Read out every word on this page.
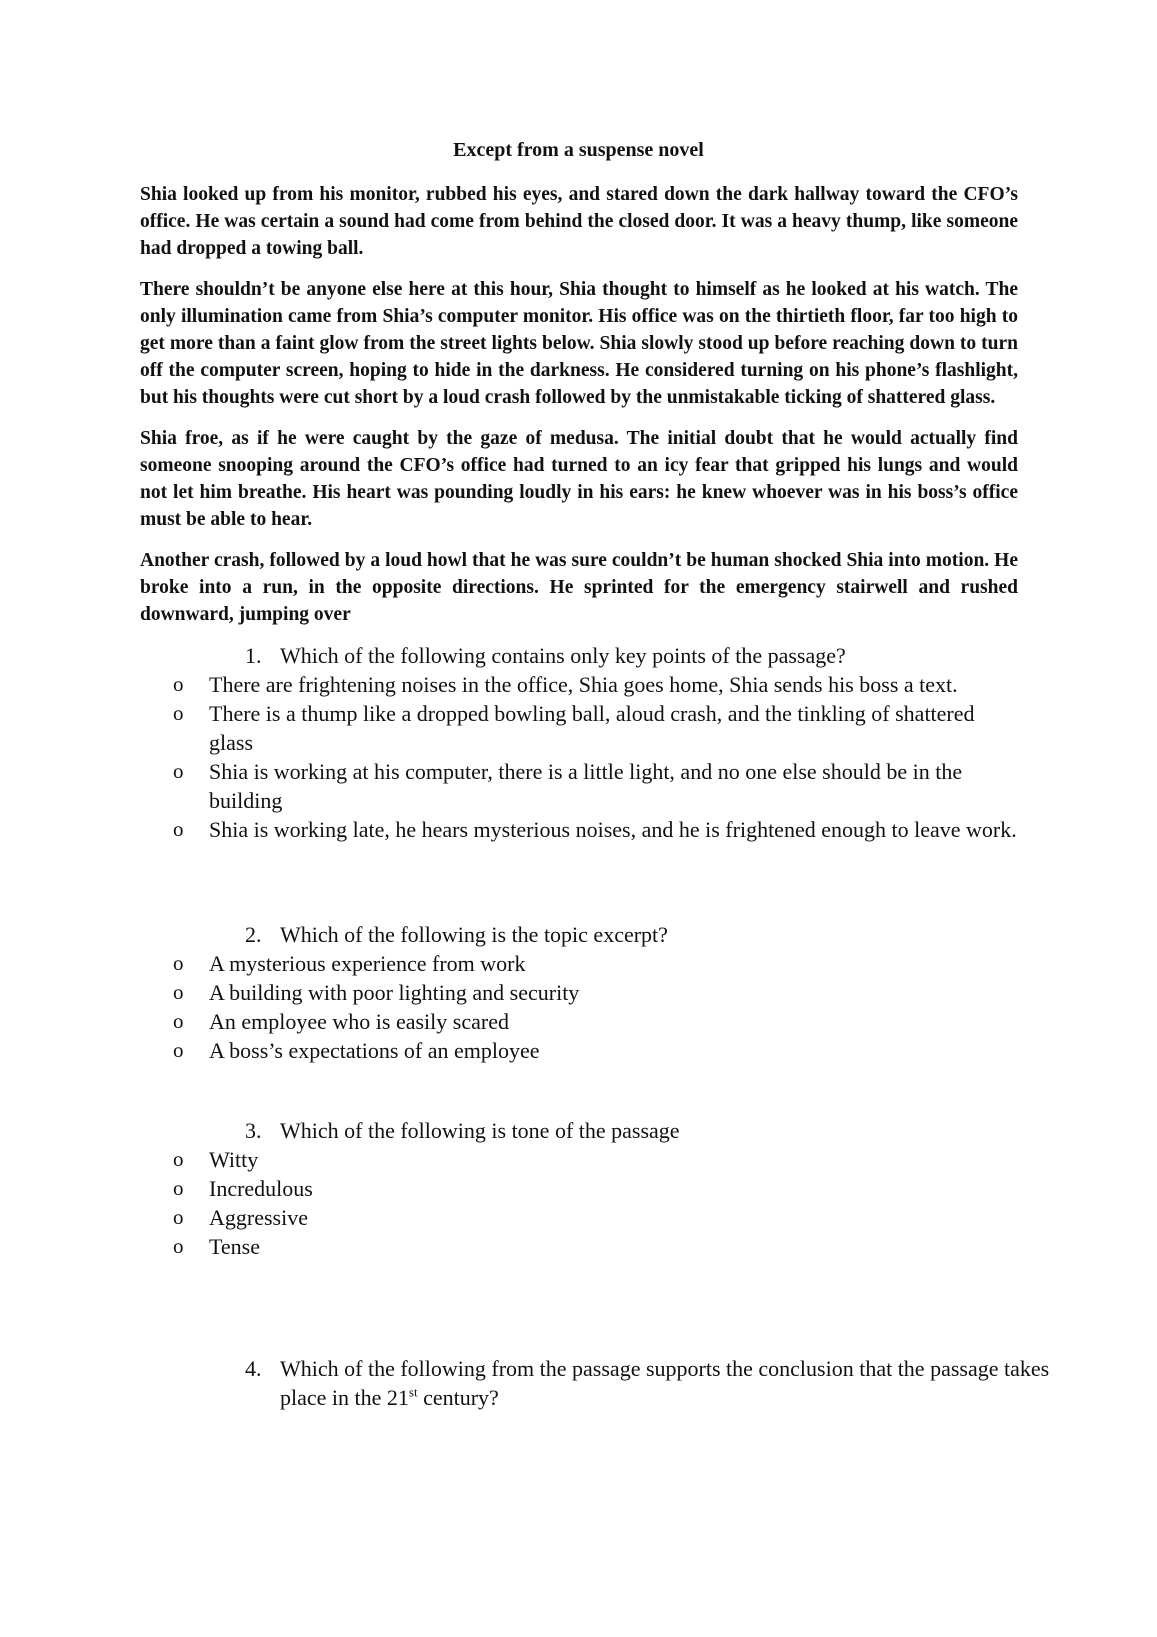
Except from a suspense novel

Shia looked up from his monitor, rubbed his eyes, and stared down the dark hallway toward the CFO’s office. He was certain a sound had come from behind the closed door. It was a heavy thump, like someone had dropped a towing ball.

There shouldn’t be anyone else here at this hour, Shia thought to himself as he looked at his watch. The only illumination came from Shia’s computer monitor. His office was on the thirtieth floor, far too high to get more than a faint glow from the street lights below. Shia slowly stood up before reaching down to turn off the computer screen, hoping to hide in the darkness. He considered turning on his phone’s flashlight, but his thoughts were cut short by a loud crash followed by the unmistakable ticking of shattered glass.

Shia froe, as if he were caught by the gaze of medusa. The initial doubt that he would actually find someone snooping around the CFO’s office had turned to an icy fear that gripped his lungs and would not let him breathe. His heart was pounding loudly in his ears: he knew whoever was in his boss’s office must be able to hear.

Another crash, followed by a loud howl that he was sure couldn’t be human shocked Shia into motion. He broke into a run, in the opposite directions. He sprinted for the emergency stairwell and rushed downward, jumping over

1. Which of the following contains only key points of the passage?
o There are frightening noises in the office, Shia goes home, Shia sends his boss a text.
o There is a thump like a dropped bowling ball, aloud crash, and the tinkling of shattered glass
o Shia is working at his computer, there is a little light, and no one else should be in the building
o Shia is working late, he hears mysterious noises, and he is frightened enough to leave work.
2. Which of the following is the topic excerpt?
o A mysterious experience from work
o A building with poor lighting and security
o An employee who is easily scared
o A boss’s expectations of an employee
3. Which of the following is tone of the passage
o Witty
o Incredulous
o Aggressive
o Tense
4. Which of the following from the passage supports the conclusion that the passage takes place in the 21st century?
